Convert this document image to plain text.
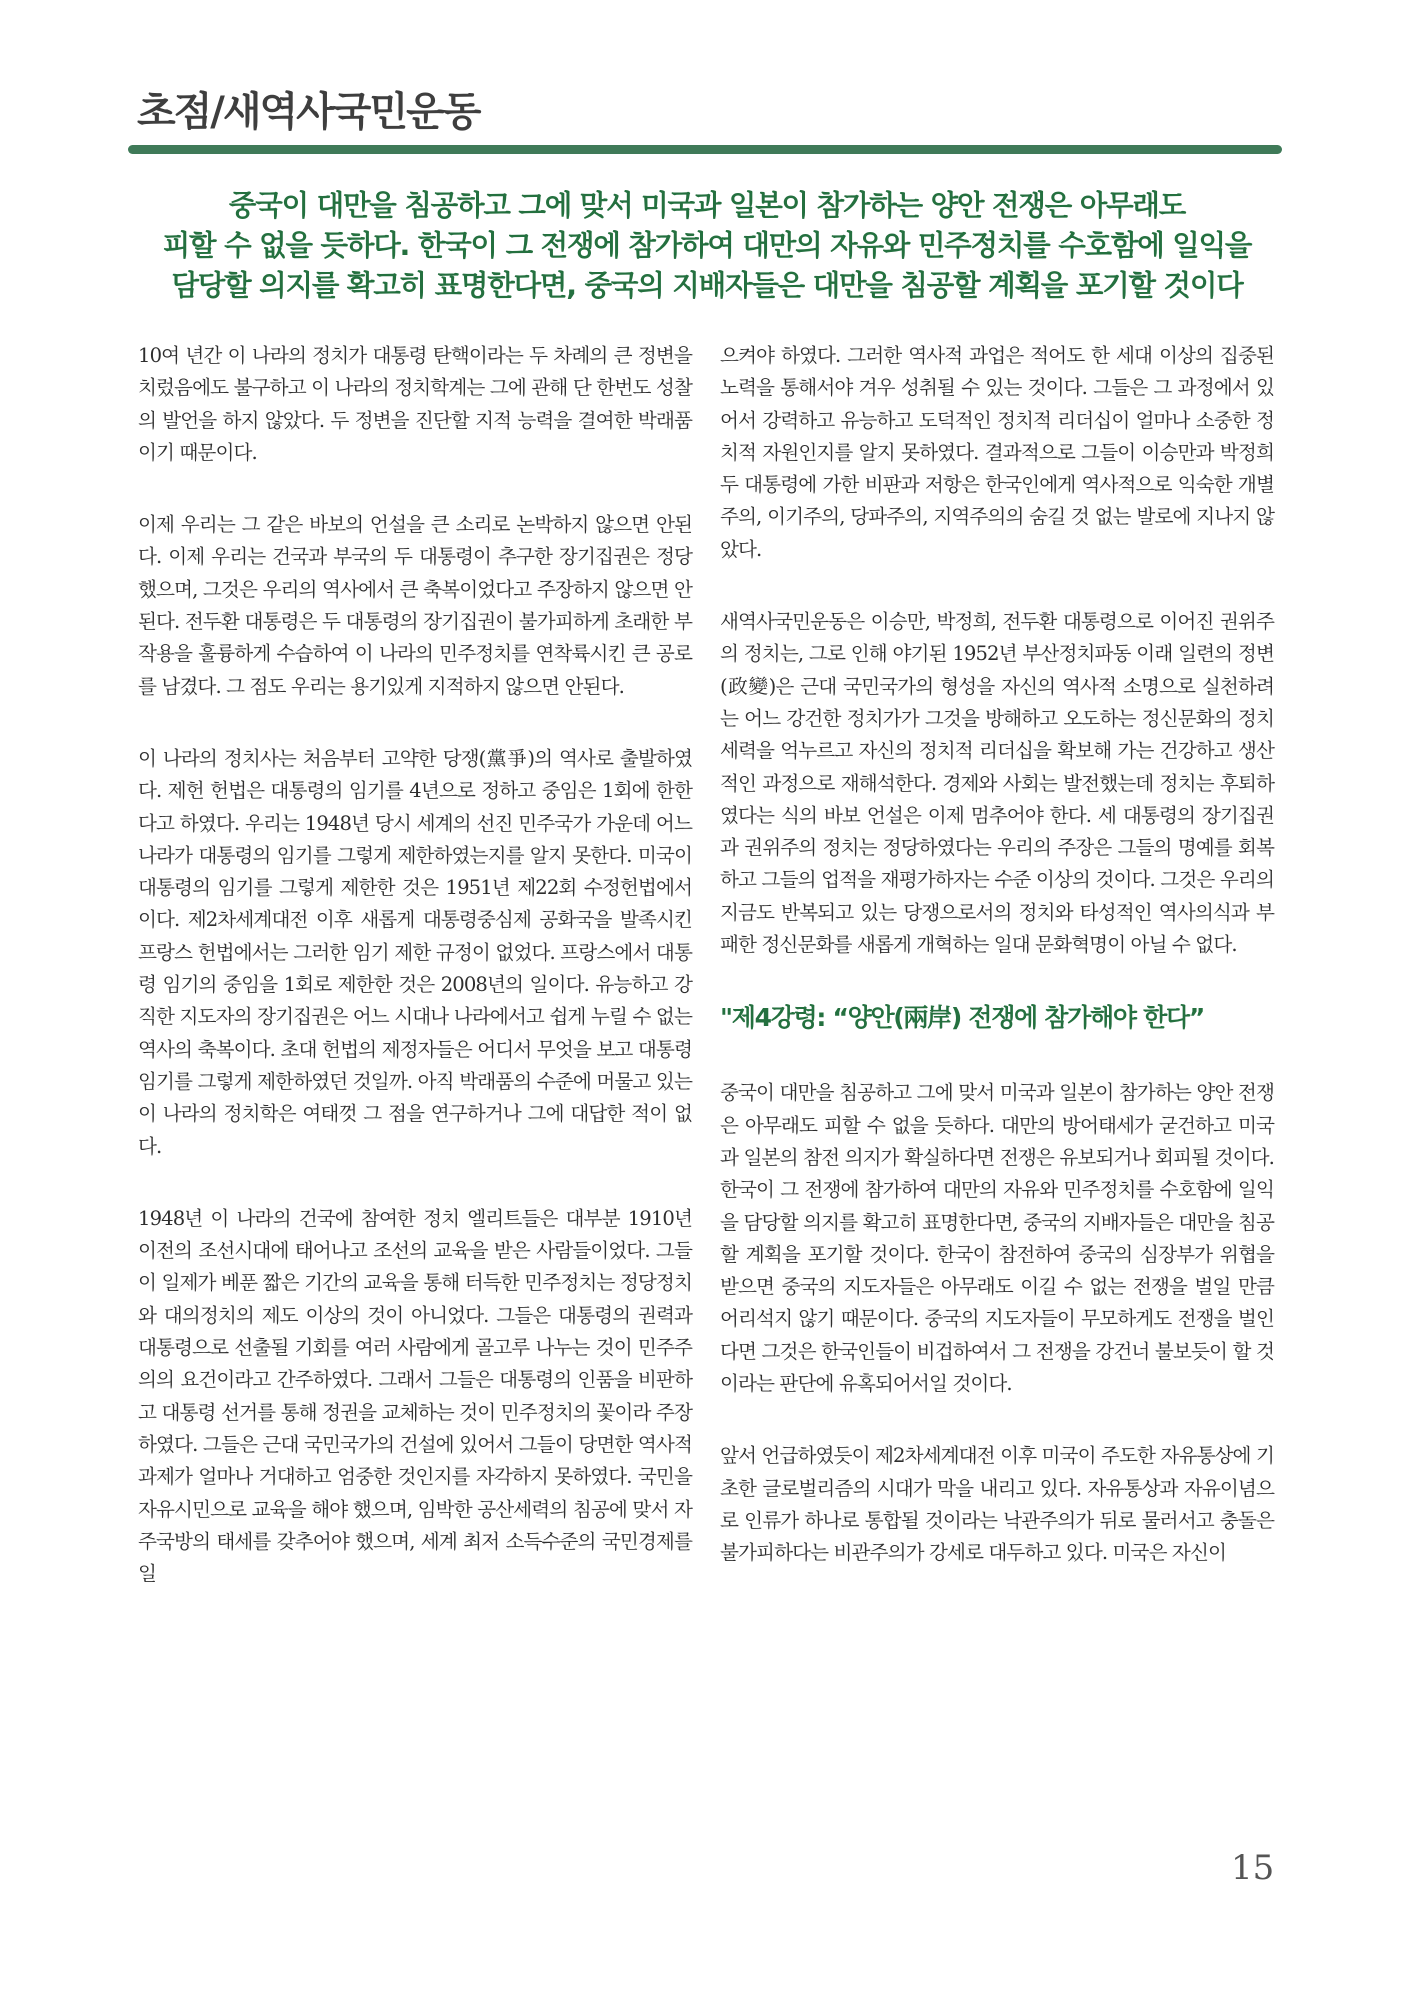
초점/새역사국민운동
중국이 대만을 침공하고 그에 맞서 미국과 일본이 참가하는 양안 전쟁은 아무래도
피할 수 없을 듯하다. 한국이 그 전쟁에 참가하여 대만의 자유와 민주정치를 수호함에 일익을
담당할 의지를 확고히 표명한다면, 중국의 지배자들은 대만을 침공할 계획을 포기할 것이다

10여 년간 이 나라의 정치가 대통령 탄핵이라는 두 차례의 큰 정변을 치렀음에도 불구하고 이 나라의 정치학계는 그에 관해 단 한번도 성찰의 발언을 하지 않았다. 두 정변을 진단할 지적 능력을 결여한 박래품이기 때문이다.

이제 우리는 그 같은 바보의 언설을 큰 소리로 논박하지 않으면 안된다. 이제 우리는 건국과 부국의 두 대통령이 추구한 장기집권은 정당했으며, 그것은 우리의 역사에서 큰 축복이었다고 주장하지 않으면 안된다. 전두환 대통령은 두 대통령의 장기집권이 불가피하게 초래한 부작용을 훌륭하게 수습하여 이 나라의 민주정치를 연착륙시킨 큰 공로를 남겼다. 그 점도 우리는 용기있게 지적하지 않으면 안된다.

이 나라의 정치사는 처음부터 고약한 당쟁(黨爭)의 역사로 출발하였다. 제헌 헌법은 대통령의 임기를 4년으로 정하고 중임은 1회에 한한다고 하였다. 우리는 1948년 당시 세계의 선진 민주국가 가운데 어느 나라가 대통령의 임기를 그렇게 제한하였는지를 알지 못한다. 미국이 대통령의 임기를 그렇게 제한한 것은 1951년 제22회 수정헌법에서이다. 제2차세계대전 이후 새롭게 대통령중심제 공화국을 발족시킨 프랑스 헌법에서는 그러한 임기 제한 규정이 없었다. 프랑스에서 대통령 임기의 중임을 1회로 제한한 것은 2008년의 일이다. 유능하고 강직한 지도자의 장기집권은 어느 시대나 나라에서고 쉽게 누릴 수 없는 역사의 축복이다. 초대 헌법의 제정자들은 어디서 무엇을 보고 대통령 임기를 그렇게 제한하였던 것일까. 아직 박래품의 수준에 머물고 있는 이 나라의 정치학은 여태껏 그 점을 연구하거나 그에 대답한 적이 없다.

1948년 이 나라의 건국에 참여한 정치 엘리트들은 대부분 1910년 이전의 조선시대에 태어나고 조선의 교육을 받은 사람들이었다. 그들이 일제가 베푼 짧은 기간의 교육을 통해 터득한 민주정치는 정당정치와 대의정치의 제도 이상의 것이 아니었다. 그들은 대통령의 권력과 대통령으로 선출될 기회를 여러 사람에게 골고루 나누는 것이 민주주의의 요건이라고 간주하였다. 그래서 그들은 대통령의 인품을 비판하고 대통령 선거를 통해 정권을 교체하는 것이 민주정치의 꽃이라 주장하였다. 그들은 근대 국민국가의 건설에 있어서 그들이 당면한 역사적 과제가 얼마나 거대하고 엄중한 것인지를 자각하지 못하였다. 국민을 자유시민으로 교육을 해야 했으며, 임박한 공산세력의 침공에 맞서 자주국방의 태세를 갖추어야 했으며, 세계 최저 소득수준의 국민경제를 일

으켜야 하였다. 그러한 역사적 과업은 적어도 한 세대 이상의 집중된 노력을 통해서야 겨우 성취될 수 있는 것이다. 그들은 그 과정에서 있어서 강력하고 유능하고 도덕적인 정치적 리더십이 얼마나 소중한 정치적 자원인지를 알지 못하였다. 결과적으로 그들이 이승만과 박정희 두 대통령에 가한 비판과 저항은 한국인에게 역사적으로 익숙한 개별주의, 이기주의, 당파주의, 지역주의의 숨길 것 없는 발로에 지나지 않았다.

새역사국민운동은 이승만, 박정희, 전두환 대통령으로 이어진 권위주의 정치는, 그로 인해 야기된 1952년 부산정치파동 이래 일련의 정변(政變)은 근대 국민국가의 형성을 자신의 역사적 소명으로 실천하려는 어느 강건한 정치가가 그것을 방해하고 오도하는 정신문화의 정치세력을 억누르고 자신의 정치적 리더십을 확보해 가는 건강하고 생산적인 과정으로 재해석한다. 경제와 사회는 발전했는데 정치는 후퇴하였다는 식의 바보 언설은 이제 멈추어야 한다. 세 대통령의 장기집권과 권위주의 정치는 정당하였다는 우리의 주장은 그들의 명예를 회복하고 그들의 업적을 재평가하자는 수준 이상의 것이다. 그것은 우리의 지금도 반복되고 있는 당쟁으로서의 정치와 타성적인 역사의식과 부패한 정신문화를 새롭게 개혁하는 일대 문화혁명이 아닐 수 없다.

"제4강령: “양안(兩岸) 전쟁에 참가해야 한다”

중국이 대만을 침공하고 그에 맞서 미국과 일본이 참가하는 양안 전쟁은 아무래도 피할 수 없을 듯하다. 대만의 방어태세가 굳건하고 미국과 일본의 참전 의지가 확실하다면 전쟁은 유보되거나 회피될 것이다. 한국이 그 전쟁에 참가하여 대만의 자유와 민주정치를 수호함에 일익을 담당할 의지를 확고히 표명한다면, 중국의 지배자들은 대만을 침공할 계획을 포기할 것이다. 한국이 참전하여 중국의 심장부가 위협을 받으면 중국의 지도자들은 아무래도 이길 수 없는 전쟁을 벌일 만큼 어리석지 않기 때문이다. 중국의 지도자들이 무모하게도 전쟁을 벌인다면 그것은 한국인들이 비겁하여서 그 전쟁을 강건너 불보듯이 할 것이라는 판단에 유혹되어서일 것이다.

앞서 언급하였듯이 제2차세계대전 이후 미국이 주도한 자유통상에 기초한 글로벌리즘의 시대가 막을 내리고 있다. 자유통상과 자유이념으로 인류가 하나로 통합될 것이라는 낙관주의가 뒤로 물러서고 충돌은 불가피하다는 비관주의가 강세로 대두하고 있다. 미국은 자신이

15
